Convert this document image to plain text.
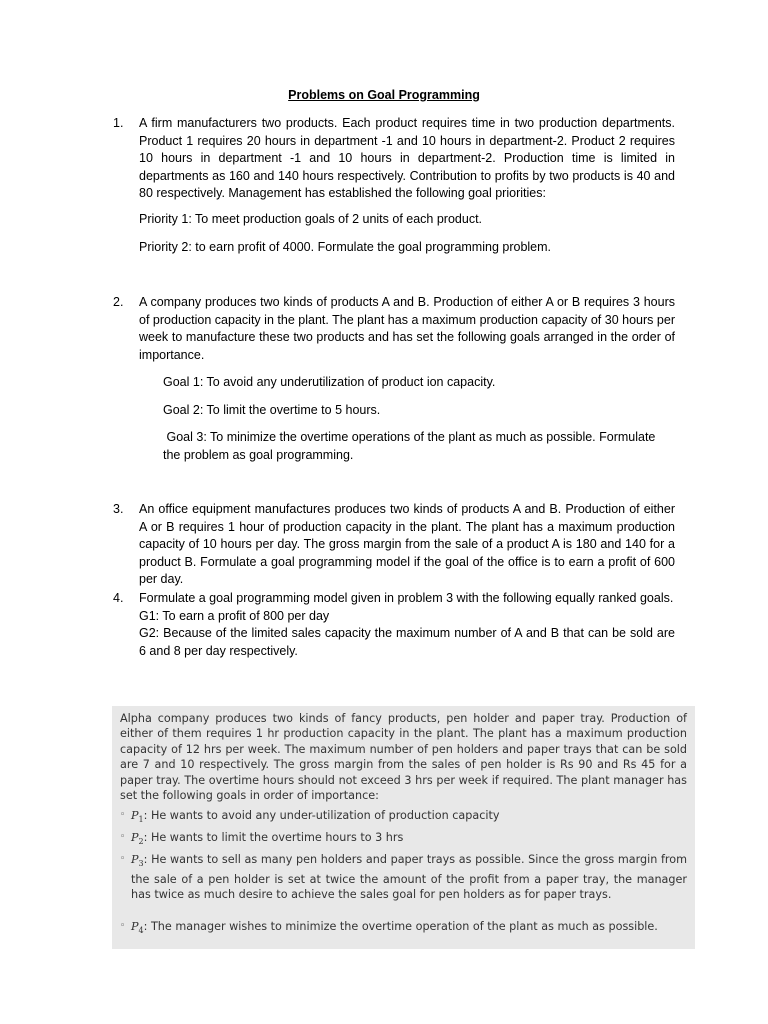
Problems on Goal Programming
1.	A firm manufacturers two products. Each product requires time in two production departments. Product 1 requires 20 hours in department -1 and 10 hours in department-2. Product 2 requires 10 hours in department -1 and 10 hours in department-2. Production time is limited in departments as 160 and 140 hours respectively. Contribution to profits by two products is 40 and 80 respectively. Management has established the following goal priorities:

Priority 1: To meet production goals of 2 units of each product.
Priority 2: to earn profit of 4000. Formulate the goal programming problem.
2.	A company produces two kinds of products A and B. Production of either A or B requires 3 hours of production capacity in the plant. The plant has a maximum production capacity of 30 hours per week to manufacture these two products and has set the following goals arranged in the order of importance.

Goal 1: To avoid any underutilization of product ion capacity.
Goal 2: To limit the overtime to 5 hours.
Goal 3: To minimize the overtime operations of the plant as much as possible. Formulate the problem as goal programming.
3.	An office equipment manufactures produces two kinds of products A and B. Production of either A or B requires 1 hour of production capacity in the plant. The plant has a maximum production capacity of 10 hours per day. The gross margin from the sale of a product A is 180 and 140 for a product B. Formulate a goal programming model if the goal of the office is to earn a profit of 600 per day.

4.	Formulate a goal programming model given in problem 3 with the following equally ranked goals.

G1: To earn a profit of 800 per day

G2: Because of the limited sales capacity the maximum number of A and B that can be sold are 6 and 8 per day respectively.

Alpha company produces two kinds of fancy products, pen holder and paper tray. Production of either of them requires 1 hr production capacity in the plant. The plant has a maximum production capacity of 12 hrs per week. The maximum number of pen holders and paper trays that can be sold are 7 and 10 respectively. The gross margin from the sales of pen holder is Rs 90 and Rs 45 for a paper tray. The overtime hours should not exceed 3 hrs per week if required. The plant manager has set the following goals in order of importance:
◦ $P_1$: He wants to avoid any under-utilization of production capacity
◦ $P_2$: He wants to limit the overtime hours to 3 hrs
◦ $P_3$: He wants to sell as many pen holders and paper trays as possible. Since the gross margin from the sale of a pen holder is set at twice the amount of the profit from a paper tray, the manager has twice as much desire to achieve the sales goal for pen holders as for paper trays.
◦ $P_4$: The manager wishes to minimize the overtime operation of the plant as much as possible.
